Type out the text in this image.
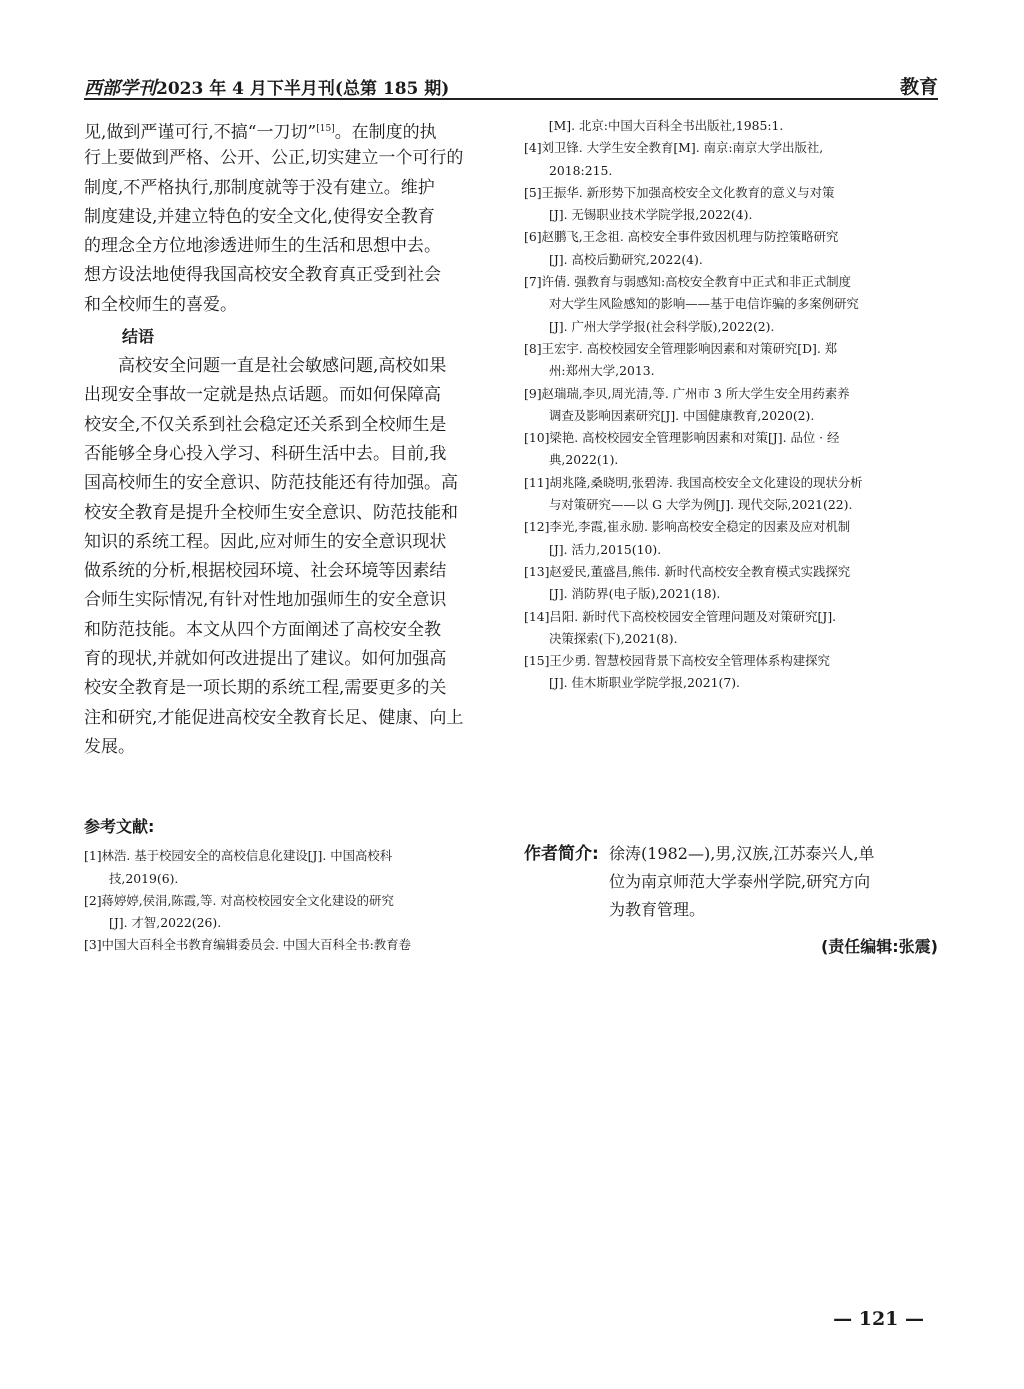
西部学刊2023 年 4 月下半月刊(总第 185 期)	教育

见,做到严谨可行,不搞“一刀切”[15]。在制度的执

行上要做到严格、公开、公正,切实建立一个可行的

制度,不严格执行,那制度就等于没有建立。维护

制度建设,并建立特色的安全文化,使得安全教育

的理念全方位地渗透进师生的生活和思想中去。

想方设法地使得我国高校安全教育真正受到社会

和全校师生的喜爱。

结语

　　高校安全问题一直是社会敏感问题,高校如果

出现安全事故一定就是热点话题。而如何保障高

校安全,不仅关系到社会稳定还关系到全校师生是

否能够全身心投入学习、科研生活中去。目前,我

国高校师生的安全意识、防范技能还有待加强。高

校安全教育是提升全校师生安全意识、防范技能和

知识的系统工程。因此,应对师生的安全意识现状

做系统的分析,根据校园环境、社会环境等因素结

合师生实际情况,有针对性地加强师生的安全意识

和防范技能。本文从四个方面阐述了高校安全教

育的现状,并就如何改进提出了建议。如何加强高

校安全教育是一项长期的系统工程,需要更多的关

注和研究,才能促进高校安全教育长足、健康、向上

发展。

参考文献:
[1]林浩. 基于校园安全的高校信息化建设[J]. 中国高校科
技,2019(6).
[2]蒋婷婷,侯涓,陈霞,等. 对高校校园安全文化建设的研究
[J]. 才智,2022(26).
[3]中国大百科全书教育编辑委员会. 中国大百科全书:教育卷
　　[M]. 北京:中国大百科全书出版社,1985:1.
[4]刘卫锋. 大学生安全教育[M]. 南京:南京大学出版社,
2018:215.
[5]王振华. 新形势下加强高校安全文化教育的意义与对策
[J]. 无锡职业技术学院学报,2022(4).
[6]赵鹏飞,王念祖. 高校安全事件致因机理与防控策略研究
[J]. 高校后勤研究,2022(4).
[7]许倩. 强教育与弱感知:高校安全教育中正式和非正式制度
对大学生风险感知的影响——基于电信诈骗的多案例研究
[J]. 广州大学学报(社会科学版),2022(2).
[8]王宏宇. 高校校园安全管理影响因素和对策研究[D]. 郑
州:郑州大学,2013.
[9]赵瑞瑞,李贝,周光清,等. 广州市 3 所大学生安全用药素养
调查及影响因素研究[J]. 中国健康教育,2020(2).
[10]梁艳. 高校校园安全管理影响因素和对策[J]. 品位 · 经
典,2022(1).
[11]胡兆隆,桑晓明,张碧涛. 我国高校安全文化建设的现状分析
与对策研究——以 G 大学为例[J]. 现代交际,2021(22).
[12]李光,李霞,崔永励. 影响高校安全稳定的因素及应对机制
[J]. 活力,2015(10).
[13]赵爱民,董盛昌,熊伟. 新时代高校安全教育模式实践探究
[J]. 消防界(电子版),2021(18).
[14]吕阳. 新时代下高校校园安全管理问题及对策研究[J].
决策探索(下),2021(8).
[15]王少勇. 智慧校园背景下高校安全管理体系构建探究
[J]. 佳木斯职业学院学报,2021(7).
作者简介: 徐涛(1982—),男,汉族,江苏泰兴人,单
位为南京师范大学泰州学院,研究方向
为教育管理。
(责任编辑:张震)
— 121 —
